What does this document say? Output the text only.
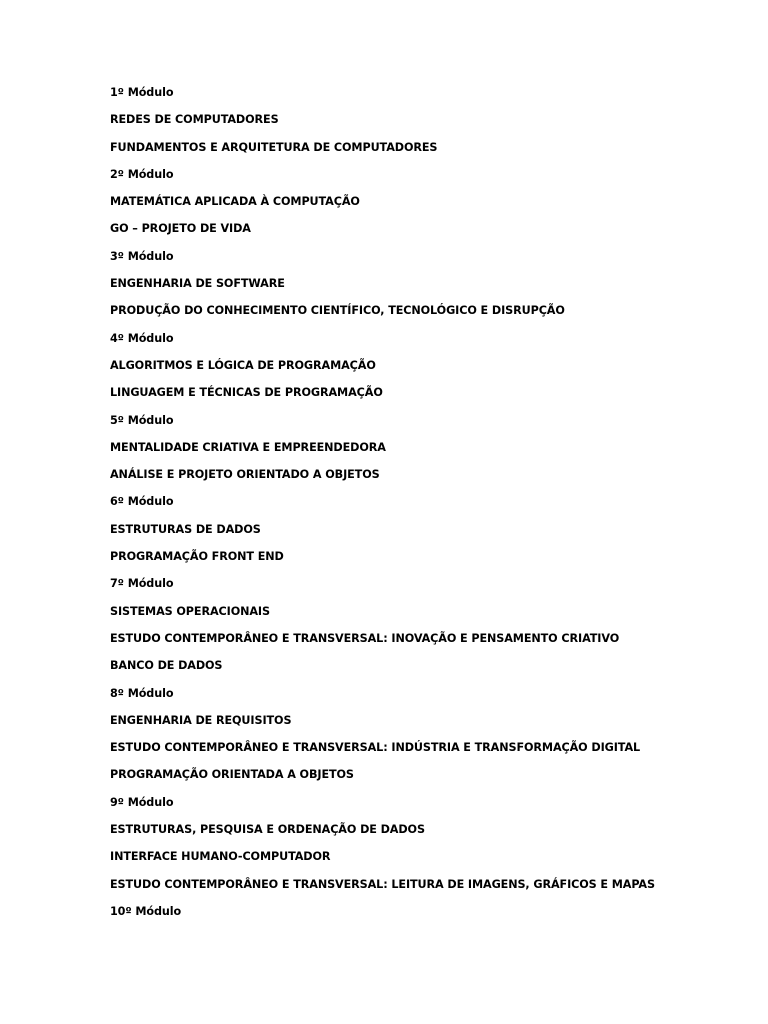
1º Módulo
REDES DE COMPUTADORES
FUNDAMENTOS E ARQUITETURA DE COMPUTADORES
2º Módulo
MATEMÁTICA APLICADA À COMPUTAÇÃO
GO – PROJETO DE VIDA
3º Módulo
ENGENHARIA DE SOFTWARE
PRODUÇÃO DO CONHECIMENTO CIENTÍFICO, TECNOLÓGICO E DISRUPÇÃO
4º Módulo
ALGORITMOS E LÓGICA DE PROGRAMAÇÃO
LINGUAGEM E TÉCNICAS DE PROGRAMAÇÃO
5º Módulo
MENTALIDADE CRIATIVA E EMPREENDEDORA
ANÁLISE E PROJETO ORIENTADO A OBJETOS
6º Módulo
ESTRUTURAS DE DADOS
PROGRAMAÇÃO FRONT END
7º Módulo
SISTEMAS OPERACIONAIS
ESTUDO CONTEMPORÂNEO E TRANSVERSAL: INOVAÇÃO E PENSAMENTO CRIATIVO
BANCO DE DADOS
8º Módulo
ENGENHARIA DE REQUISITOS
ESTUDO CONTEMPORÂNEO E TRANSVERSAL: INDÚSTRIA E TRANSFORMAÇÃO DIGITAL
PROGRAMAÇÃO ORIENTADA A OBJETOS
9º Módulo
ESTRUTURAS, PESQUISA E ORDENAÇÃO DE DADOS
INTERFACE HUMANO-COMPUTADOR
ESTUDO CONTEMPORÂNEO E TRANSVERSAL: LEITURA DE IMAGENS, GRÁFICOS E MAPAS
10º Módulo
